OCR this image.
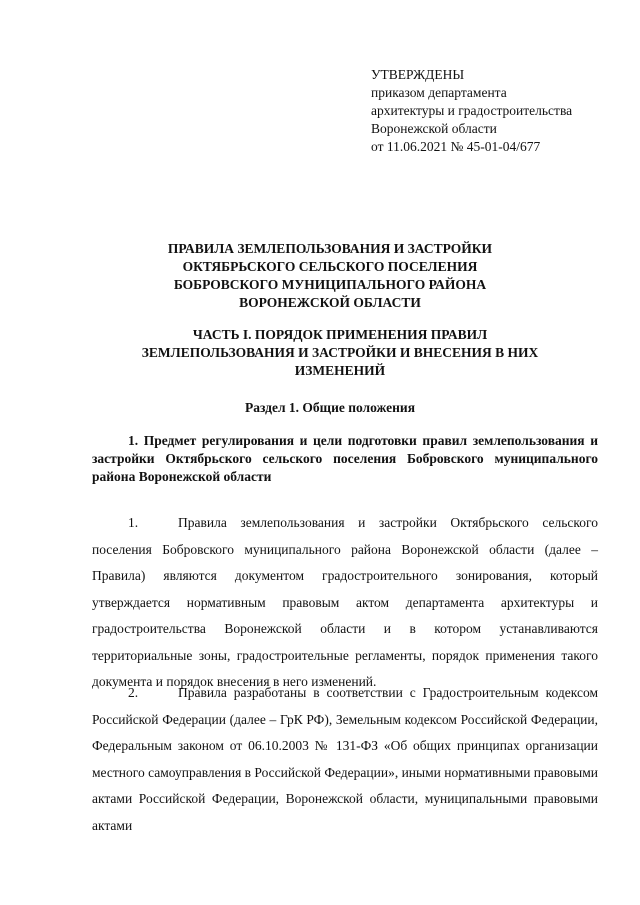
УТВЕРЖДЕНЫ
приказом департамента
архитектуры и градостроительства
Воронежской области
от 11.06.2021 № 45-01-04/677
ПРАВИЛА ЗЕМЛЕПОЛЬЗОВАНИЯ И ЗАСТРОЙКИ
ОКТЯБРЬСКОГО СЕЛЬСКОГО ПОСЕЛЕНИЯ
БОБРОВСКОГО МУНИЦИПАЛЬНОГО РАЙОНА
ВОРОНЕЖСКОЙ ОБЛАСТИ
ЧАСТЬ I. ПОРЯДОК ПРИМЕНЕНИЯ ПРАВИЛ
ЗЕМЛЕПОЛЬЗОВАНИЯ И ЗАСТРОЙКИ И ВНЕСЕНИЯ В НИХ
ИЗМЕНЕНИЙ
Раздел 1. Общие положения
1. Предмет регулирования и цели подготовки правил землепользования и застройки Октябрьского сельского поселения Бобровского муниципального района Воронежской области
1.	Правила землепользования и застройки Октябрьского сельского поселения Бобровского муниципального района Воронежской области (далее – Правила) являются документом градостроительного зонирования, который утверждается нормативным правовым актом департамента архитектуры и градостроительства Воронежской области и в котором устанавливаются территориальные зоны, градостроительные регламенты, порядок применения такого документа и порядок внесения в него изменений.
2.	Правила разработаны в соответствии с Градостроительным кодексом Российской Федерации (далее – ГрК РФ), Земельным кодексом Российской Федерации, Федеральным законом от 06.10.2003 № 131-ФЗ «Об общих принципах организации местного самоуправления в Российской Федерации», иными нормативными правовыми актами Российской Федерации, Воронежской области, муниципальными правовыми актами
